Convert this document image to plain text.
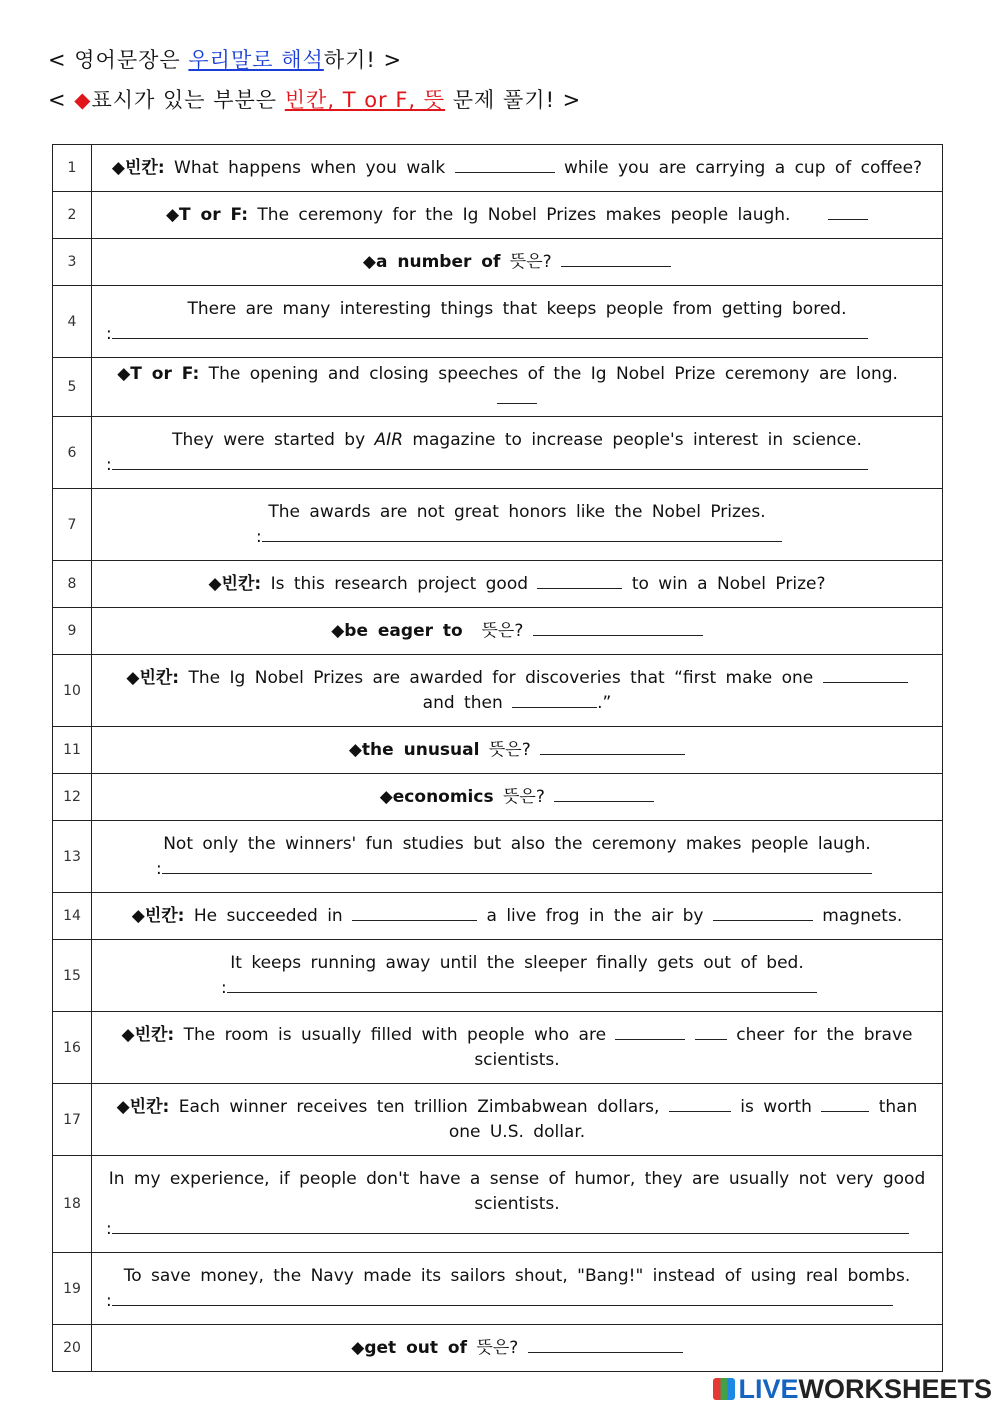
< 영어문장은 우리말로 해석하기! >
< ◆표시가 있는 부분은 빈칸, T or F, 뜻 문제 풀기! >
1	◆빈칸: What happens when you walk while you are carrying a cup of coffee?
2	◆T or F: The ceremony for the Ig Nobel Prizes makes people laugh.
3	◆a number of 뜻은?
4	There are many interesting things that keeps people from getting bored.
:

5	◆T or F: The opening and closing speeches of the Ig Nobel Prize ceremony are long.
6	They were started by AIR magazine to increase people's interest in science.
:

7	The awards are not great honors like the Nobel Prizes.
:

8	◆빈칸: Is this research project good to win a Nobel Prize?
9	◆be eager to  뜻은?
10	◆빈칸: The Ig Nobel Prizes are awarded for discoveries that “first make one  and then .”
11	◆the unusual 뜻은?
12	◆economics 뜻은?
13	Not only the winners' fun studies but also the ceremony makes people laugh.
:

14	◆빈칸: He succeeded in a live frog in the air by magnets.
15	It keeps running away until the sleeper finally gets out of bed.
:

16	◆빈칸: The room is usually filled with people who are cheer for the brave scientists.
17	◆빈칸: Each winner receives ten trillion Zimbabwean dollars, is worth than one U.S. dollar.
18	In my experience, if people don't have a sense of humor, they are usually not very good scientists.
:

19	To save money, the Navy made its sailors shout, "Bang!" instead of using real bombs.
:

20	◆get out of 뜻은?
LIVEWORKSHEETS
